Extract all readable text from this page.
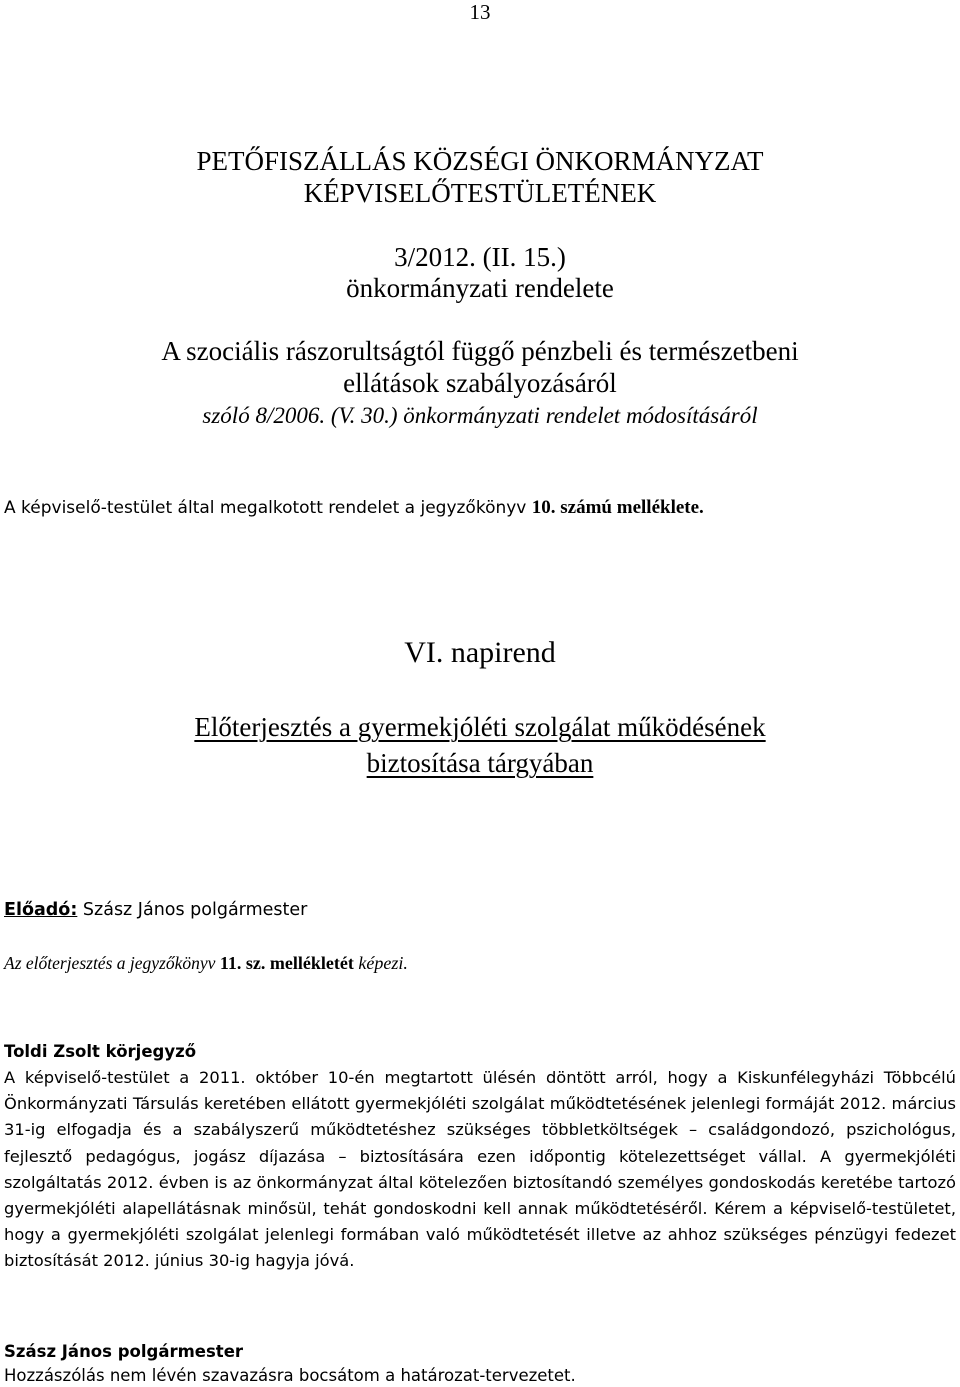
13
PETŐFISZÁLLÁS KÖZSÉGI ÖNKORMÁNYZAT
KÉPVISELŐTESTÜLETÉNEK
3/2012. (II. 15.)
önkormányzati rendelete
A szociális rászorultságtól függő pénzbeli és természetbeni
ellátások szabályozásáról
szóló 8/2006. (V. 30.) önkormányzati rendelet módosításáról
A képviselő-testület által megalkotott rendelet a jegyzőkönyv 10. számú melléklete.
VI. napirend
Előterjesztés a gyermekjóléti szolgálat működésének
biztosítása tárgyában
Előadó: Szász János polgármester
Az előterjesztés a jegyzőkönyv 11. sz. mellékletét képezi.
Toldi Zsolt körjegyző
A képviselő-testület a 2011. október 10-én megtartott ülésén döntött arról, hogy a Kiskunfélegyházi Többcélú Önkormányzati Társulás keretében ellátott gyermekjóléti szolgálat működtetésének jelenlegi formáját 2012. március 31-ig elfogadja és a szabályszerű működtetéshez szükséges többletköltségek – családgondozó, pszichológus, fejlesztő pedagógus, jogász díjazása – biztosítására ezen időpontig kötelezettséget vállal. A gyermekjóléti szolgáltatás 2012. évben is az önkormányzat által kötelezően biztosítandó személyes gondoskodás keretébe tartozó gyermekjóléti alapellátásnak minősül, tehát gondoskodni kell annak működtetéséről. Kérem a képviselő-testületet, hogy a gyermekjóléti szolgálat jelenlegi formában való működtetését illetve az ahhoz szükséges pénzügyi fedezet biztosítását 2012. június 30-ig hagyja jóvá.
Szász János polgármester
Hozzászólás nem lévén szavazásra bocsátom a határozat-tervezetet.
